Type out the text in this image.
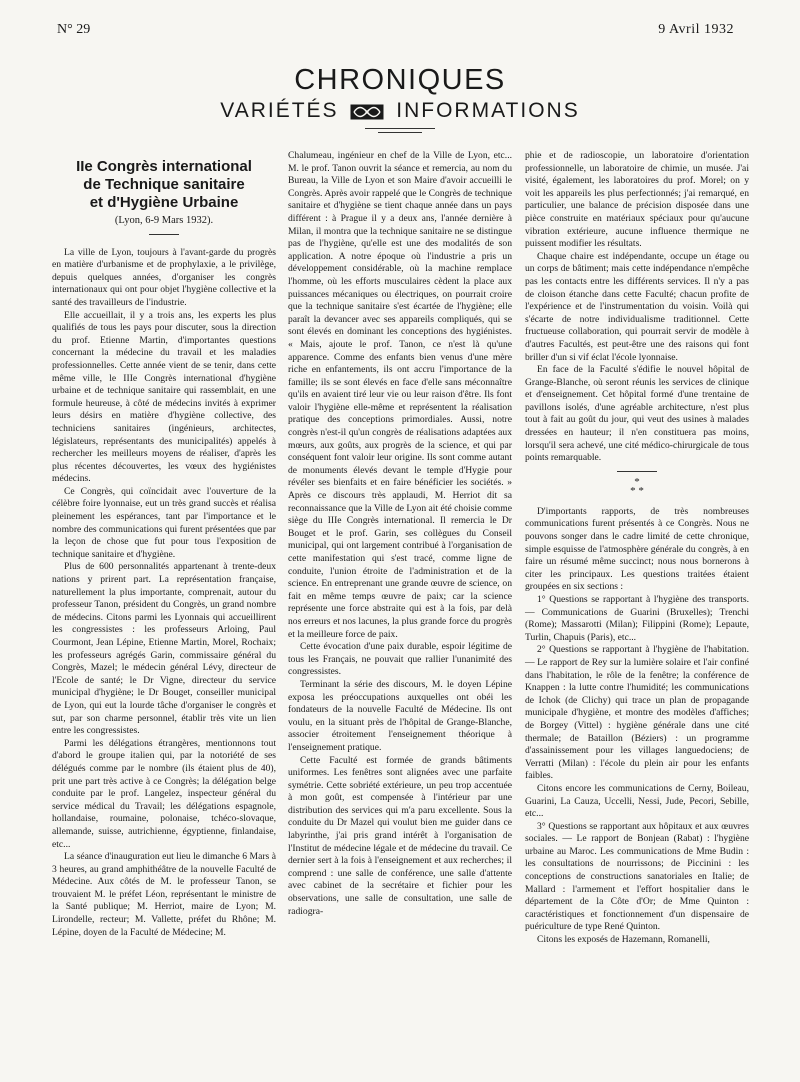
N° 29	9 Avril 1932
CHRONIQUES
VARIÉTÉS	INFORMATIONS
IIe Congrès international
de Technique sanitaire
et d'Hygiène Urbaine
(Lyon, 6-9 Mars 1932).

La ville de Lyon, toujours à l'avant-garde du progrès en matière d'urbanisme et de prophylaxie, a le privilège, depuis quelques années, d'organiser les congrès internationaux qui ont pour objet l'hygiène collective et la santé des travailleurs de l'industrie.

Elle accueillait, il y a trois ans, les experts les plus qualifiés de tous les pays pour discuter, sous la direction du prof. Etienne Martin, d'importantes questions concernant la médecine du travail et les maladies professionnelles. Cette année vient de se tenir, dans cette même ville, le IIIe Congrès international d'hygiène urbaine et de technique sanitaire qui rassemblait, en une formule heureuse, à côté de médecins invités à exprimer leurs désirs en matière d'hygiène collective, des techniciens sanitaires (ingénieurs, architectes, législateurs, représentants des municipalités) appelés à rechercher les meilleurs moyens de réaliser, d'après les plus récentes découvertes, les vœux des hygiénistes médecins.

Ce Congrès, qui coïncidait avec l'ouverture de la célèbre foire lyonnaise, eut un très grand succès et réalisa pleinement les espérances, tant par l'importance et le nombre des communications qui furent présentées que par la leçon de chose que fut pour tous l'exposition de technique sanitaire et d'hygiène.

Plus de 600 personnalités appartenant à trente-deux nations y prirent part. La représentation française, naturellement la plus importante, comprenait, autour du professeur Tanon, président du Congrès, un grand nombre de médecins. Citons parmi les Lyonnais qui accueillirent les congressistes : les professeurs Arloing, Paul Courmont, Jean Lépine, Etienne Martin, Morel, Rochaix; les professeurs agrégés Garin, commissaire général du Congrès, Mazel; le médecin général Lévy, directeur de l'Ecole de santé; le Dr Vigne, directeur du service municipal d'hygiène; le Dr Bouget, conseiller municipal de Lyon, qui eut la lourde tâche d'organiser le congrès et sut, par son charme personnel, établir très vite un lien entre les congressistes.

Parmi les délégations étrangères, mentionnons tout d'abord le groupe italien qui, par la notoriété de ses délégués comme par le nombre (ils étaient plus de 40), prit une part très active à ce Congrès; la délégation belge conduite par le prof. Langelez, inspecteur général du service médical du Travail; les délégations espagnole, hollandaise, roumaine, polonaise, tchéco-slovaque, allemande, suisse, autrichienne, égyptienne, finlandaise, etc...

La séance d'inauguration eut lieu le dimanche 6 Mars à 3 heures, au grand amphithéâtre de la nouvelle Faculté de Médecine. Aux côtés de M. le professeur Tanon, se trouvaient M. le préfet Léon, représentant le ministre de la Santé publique; M. Herriot, maire de Lyon; M. Lirondelle, recteur; M. Vallette, préfet du Rhône; M. Lépine, doyen de la Faculté de Médecine; M.

Chalumeau, ingénieur en chef de la Ville de Lyon, etc... M. le prof. Tanon ouvrit la séance et remercia, au nom du Bureau, la Ville de Lyon et son Maire d'avoir accueilli le Congrès. Après avoir rappelé que le Congrès de technique sanitaire et d'hygiène se tient chaque année dans un pays différent : à Prague il y a deux ans, l'année dernière à Milan, il montra que la technique sanitaire ne se distingue pas de l'hygiène, qu'elle est une des modalités de son application. A notre époque où l'industrie a pris un développement considérable, où la machine remplace l'homme, où les efforts musculaires cèdent la place aux puissances mécaniques ou électriques, on pourrait croire que la technique sanitaire s'est écartée de l'hygiène; elle paraît la devancer avec ses appareils compliqués, qui se sont élevés en dominant les conceptions des hygiénistes. « Mais, ajoute le prof. Tanon, ce n'est là qu'une apparence. Comme des enfants bien venus d'une mère riche en enfantements, ils ont accru l'importance de la famille; ils se sont élevés en face d'elle sans méconnaître qu'ils en avaient tiré leur vie ou leur raison d'être. Ils font valoir l'hygiène elle-même et représentent la réalisation pratique des conceptions primordiales. Aussi, notre congrès n'est-il qu'un congrès de réalisations adaptées aux mœurs, aux goûts, aux progrès de la science, et qui par conséquent font valoir leur origine. Ils sont comme autant de monuments élevés devant le temple d'Hygie pour révéler ses bienfaits et en faire bénéficier les sociétés. » Après ce discours très applaudi, M. Herriot dit sa reconnaissance que la Ville de Lyon ait été choisie comme siège du IIIe Congrès international. Il remercia le Dr Bouget et le prof. Garin, ses collègues du Conseil municipal, qui ont largement contribué à l'organisation de cette manifestation qui s'est tracé, comme ligne de conduite, l'union étroite de l'administration et de la science. En entreprenant une grande œuvre de science, on fait en même temps œuvre de paix; car la science représente une force abstraite qui est à la fois, par delà nos erreurs et nos lacunes, la plus grande force du progrès et la meilleure force de paix.

Cette évocation d'une paix durable, espoir légitime de tous les Français, ne pouvait que rallier l'unanimité des congressistes.

Terminant la série des discours, M. le doyen Lépine exposa les préoccupations auxquelles ont obéi les fondateurs de la nouvelle Faculté de Médecine. Ils ont voulu, en la situant près de l'hôpital de Grange-Blanche, associer étroitement l'enseignement théorique à l'enseignement pratique.

Cette Faculté est formée de grands bâtiments uniformes. Les fenêtres sont alignées avec une parfaite symétrie. Cette sobriété extérieure, un peu trop accentuée à mon goût, est compensée à l'intérieur par une distribution des services qui m'a paru excellente. Sous la conduite du Dr Mazel qui voulut bien me guider dans ce labyrinthe, j'ai pris grand intérêt à l'organisation de l'Institut de médecine légale et de médecine du travail. Ce dernier sert à la fois à l'enseignement et aux recherches; il comprend : une salle de conférence, une salle d'attente avec cabinet de la secrétaire et fichier pour les observations, une salle de consultation, une salle de radiogra-

phie et de radioscopie, un laboratoire d'orientation professionnelle, un laboratoire de chimie, un musée. J'ai visité, également, les laboratoires du prof. Morel; on y voit les appareils les plus perfectionnés; j'ai remarqué, en particulier, une balance de précision disposée dans une pièce construite en matériaux spéciaux pour qu'aucune vibration extérieure, aucune influence thermique ne puissent modifier les résultats.

Chaque chaire est indépendante, occupe un étage ou un corps de bâtiment; mais cette indépendance n'empêche pas les contacts entre les différents services. Il n'y a pas de cloison étanche dans cette Faculté; chacun profite de l'expérience et de l'instrumentation du voisin. Voilà qui s'écarte de notre individualisme traditionnel. Cette fructueuse collaboration, qui pourrait servir de modèle à d'autres Facultés, est peut-être une des raisons qui font briller d'un si vif éclat l'école lyonnaise.

En face de la Faculté s'édifie le nouvel hôpital de Grange-Blanche, où seront réunis les services de clinique et d'enseignement. Cet hôpital formé d'une trentaine de pavillons isolés, d'une agréable architecture, n'est plus tout à fait au goût du jour, qui veut des usines à malades dressées en hauteur; il n'en constituera pas moins, lorsqu'il sera achevé, une cité médico-chirurgicale de tous points remarquable.

*
* *

D'importants rapports, de très nombreuses communications furent présentés à ce Congrès. Nous ne pouvons songer dans le cadre limité de cette chronique, simple esquisse de l'atmosphère générale du congrès, à en faire un résumé même succinct; nous nous bornerons à citer les principaux. Les questions traitées étaient groupées en six sections :

1° Questions se rapportant à l'hygiène des transports. — Communications de Guarini (Bruxelles); Trenchi (Rome); Massarotti (Milan); Filippini (Rome); Lepaute, Turlin, Chapuis (Paris), etc...

2° Questions se rapportant à l'hygiène de l'habitation. — Le rapport de Rey sur la lumière solaire et l'air confiné dans l'habitation, le rôle de la fenêtre; la conférence de Knappen : la lutte contre l'humidité; les communications de Ichok (de Clichy) qui trace un plan de propagande municipale d'hygiène, et montre des modèles d'affiches; de Borgey (Vittel) : hygiène générale dans une cité thermale; de Bataillon (Béziers) : un programme d'assainissement pour les villages languedociens; de Verratti (Milan) : l'école du plein air pour les enfants faibles.

Citons encore les communications de Cerny, Boileau, Guarini, La Cauza, Uccelli, Nessi, Jude, Pecori, Sebille, etc...

3° Questions se rapportant aux hôpitaux et aux œuvres sociales. — Le rapport de Bonjean (Rabat) : l'hygiène urbaine au Maroc. Les communications de Mme Budin : les consultations de nourrissons; de Piccinini : les conceptions de constructions sanatoriales en Italie; de Mallard : l'armement et l'effort hospitalier dans le département de la Côte d'Or; de Mme Quinton : caractéristiques et fonctionnement d'un dispensaire de puériculture de type René Quinton.

Citons les exposés de Hazemann, Romanelli,
